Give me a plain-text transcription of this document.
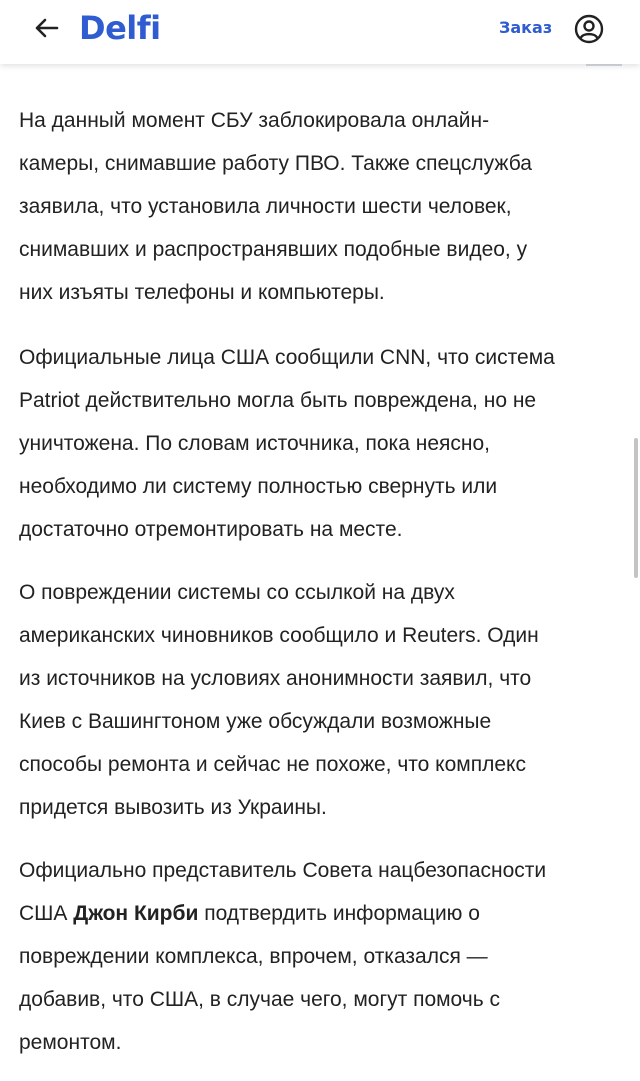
Delfi	Заказ

На данный момент СБУ заблокировала онлайн-
камеры, снимавшие работу ПВО. Также спецслужба
заявила, что установила личности шести человек,
снимавших и распространявших подобные видео, у
них изъяты телефоны и компьютеры.

Официальные лица США сообщили CNN, что система
Patriot действительно могла быть повреждена, но не
уничтожена. По словам источника, пока неясно,
необходимо ли систему полностью свернуть или
достаточно отремонтировать на месте.

О повреждении системы со ссылкой на двух
американских чиновников сообщило и Reuters. Один
из источников на условиях анонимности заявил, что
Киев с Вашингтоном уже обсуждали возможные
способы ремонта и сейчас не похоже, что комплекс
придется вывозить из Украины.

Официально представитель Совета нацбезопасности
США Джон Кирби подтвердить информацию о
повреждении комплекса, впрочем, отказался —
добавив, что США, в случае чего, могут помочь с
ремонтом.
